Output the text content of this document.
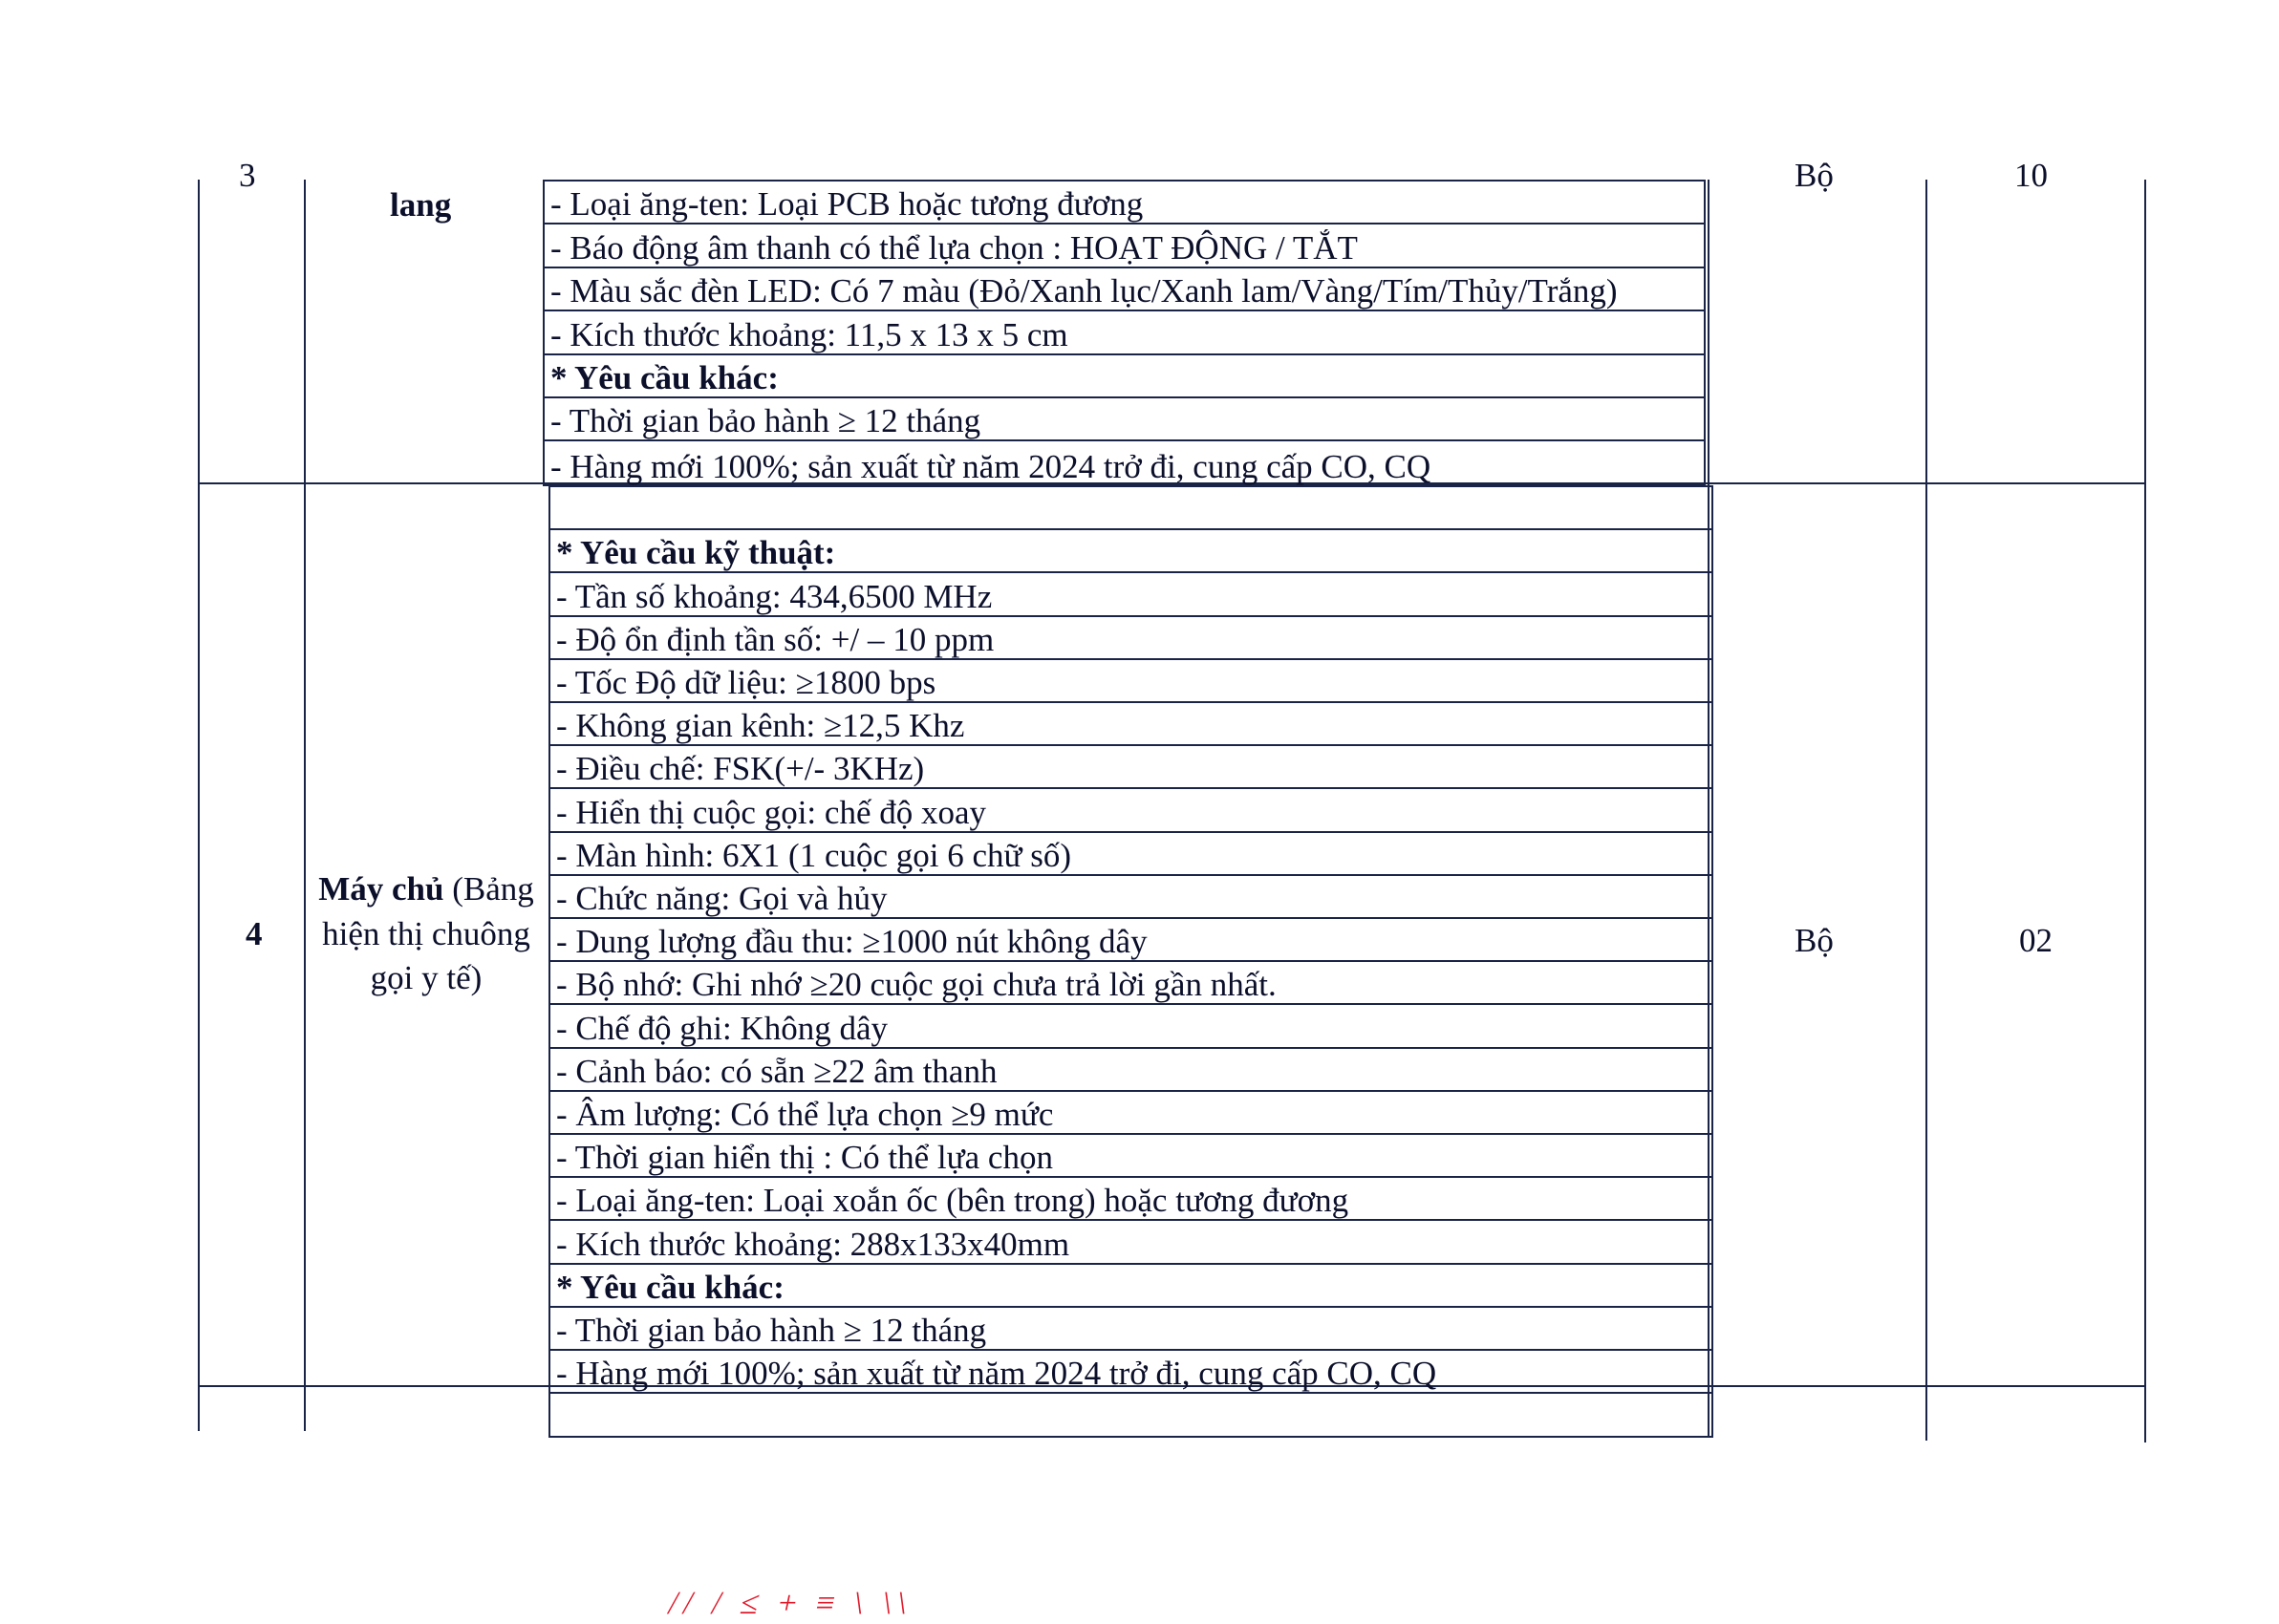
3
lang
Bộ	10
- Loại ăng-ten: Loại PCB hoặc tương đương
- Báo động âm thanh có thể lựa chọn : HOẠT ĐỘNG / TẮT
- Màu sắc đèn LED: Có 7 màu (Đỏ/Xanh lục/Xanh lam/Vàng/Tím/Thủy/Trắng)
- Kích thước khoảng: 11,5 x 13 x 5 cm
* Yêu cầu khác:
- Thời gian bảo hành ≥ 12 tháng
- Hàng mới 100%; sản xuất từ năm 2024 trở đi, cung cấp CO, CQ
4
Máy chủ (Bảng
hiện thị chuông
gọi y tế)
Bộ	02
* Yêu cầu kỹ thuật:
- Tần số khoảng: 434,6500 MHz
- Độ ổn định tần số: +/ – 10 ppm
- Tốc Độ dữ liệu: ≥1800 bps
- Không gian kênh: ≥12,5 Khz
- Điều chế: FSK(+/- 3KHz)
- Hiển thị cuộc gọi: chế độ xoay
- Màn hình: 6X1 (1 cuộc gọi 6 chữ số)
- Chức năng: Gọi và hủy
- Dung lượng đầu thu: ≥1000 nút không dây
- Bộ nhớ: Ghi nhớ ≥20 cuộc gọi chưa trả lời gần nhất.
- Chế độ ghi: Không dây
- Cảnh báo: có sẵn ≥22 âm thanh
- Âm lượng: Có thể lựa chọn ≥9 mức
- Thời gian hiển thị : Có thể lựa chọn
- Loại ăng-ten: Loại xoắn ốc (bên trong) hoặc tương đương
- Kích thước khoảng: 288x133x40mm
* Yêu cầu khác:
- Thời gian bảo hành ≥ 12 tháng
- Hàng mới 100%; sản xuất từ năm 2024 trở đi, cung cấp CO, CQ
// / ≤ + ≡ \ \\
